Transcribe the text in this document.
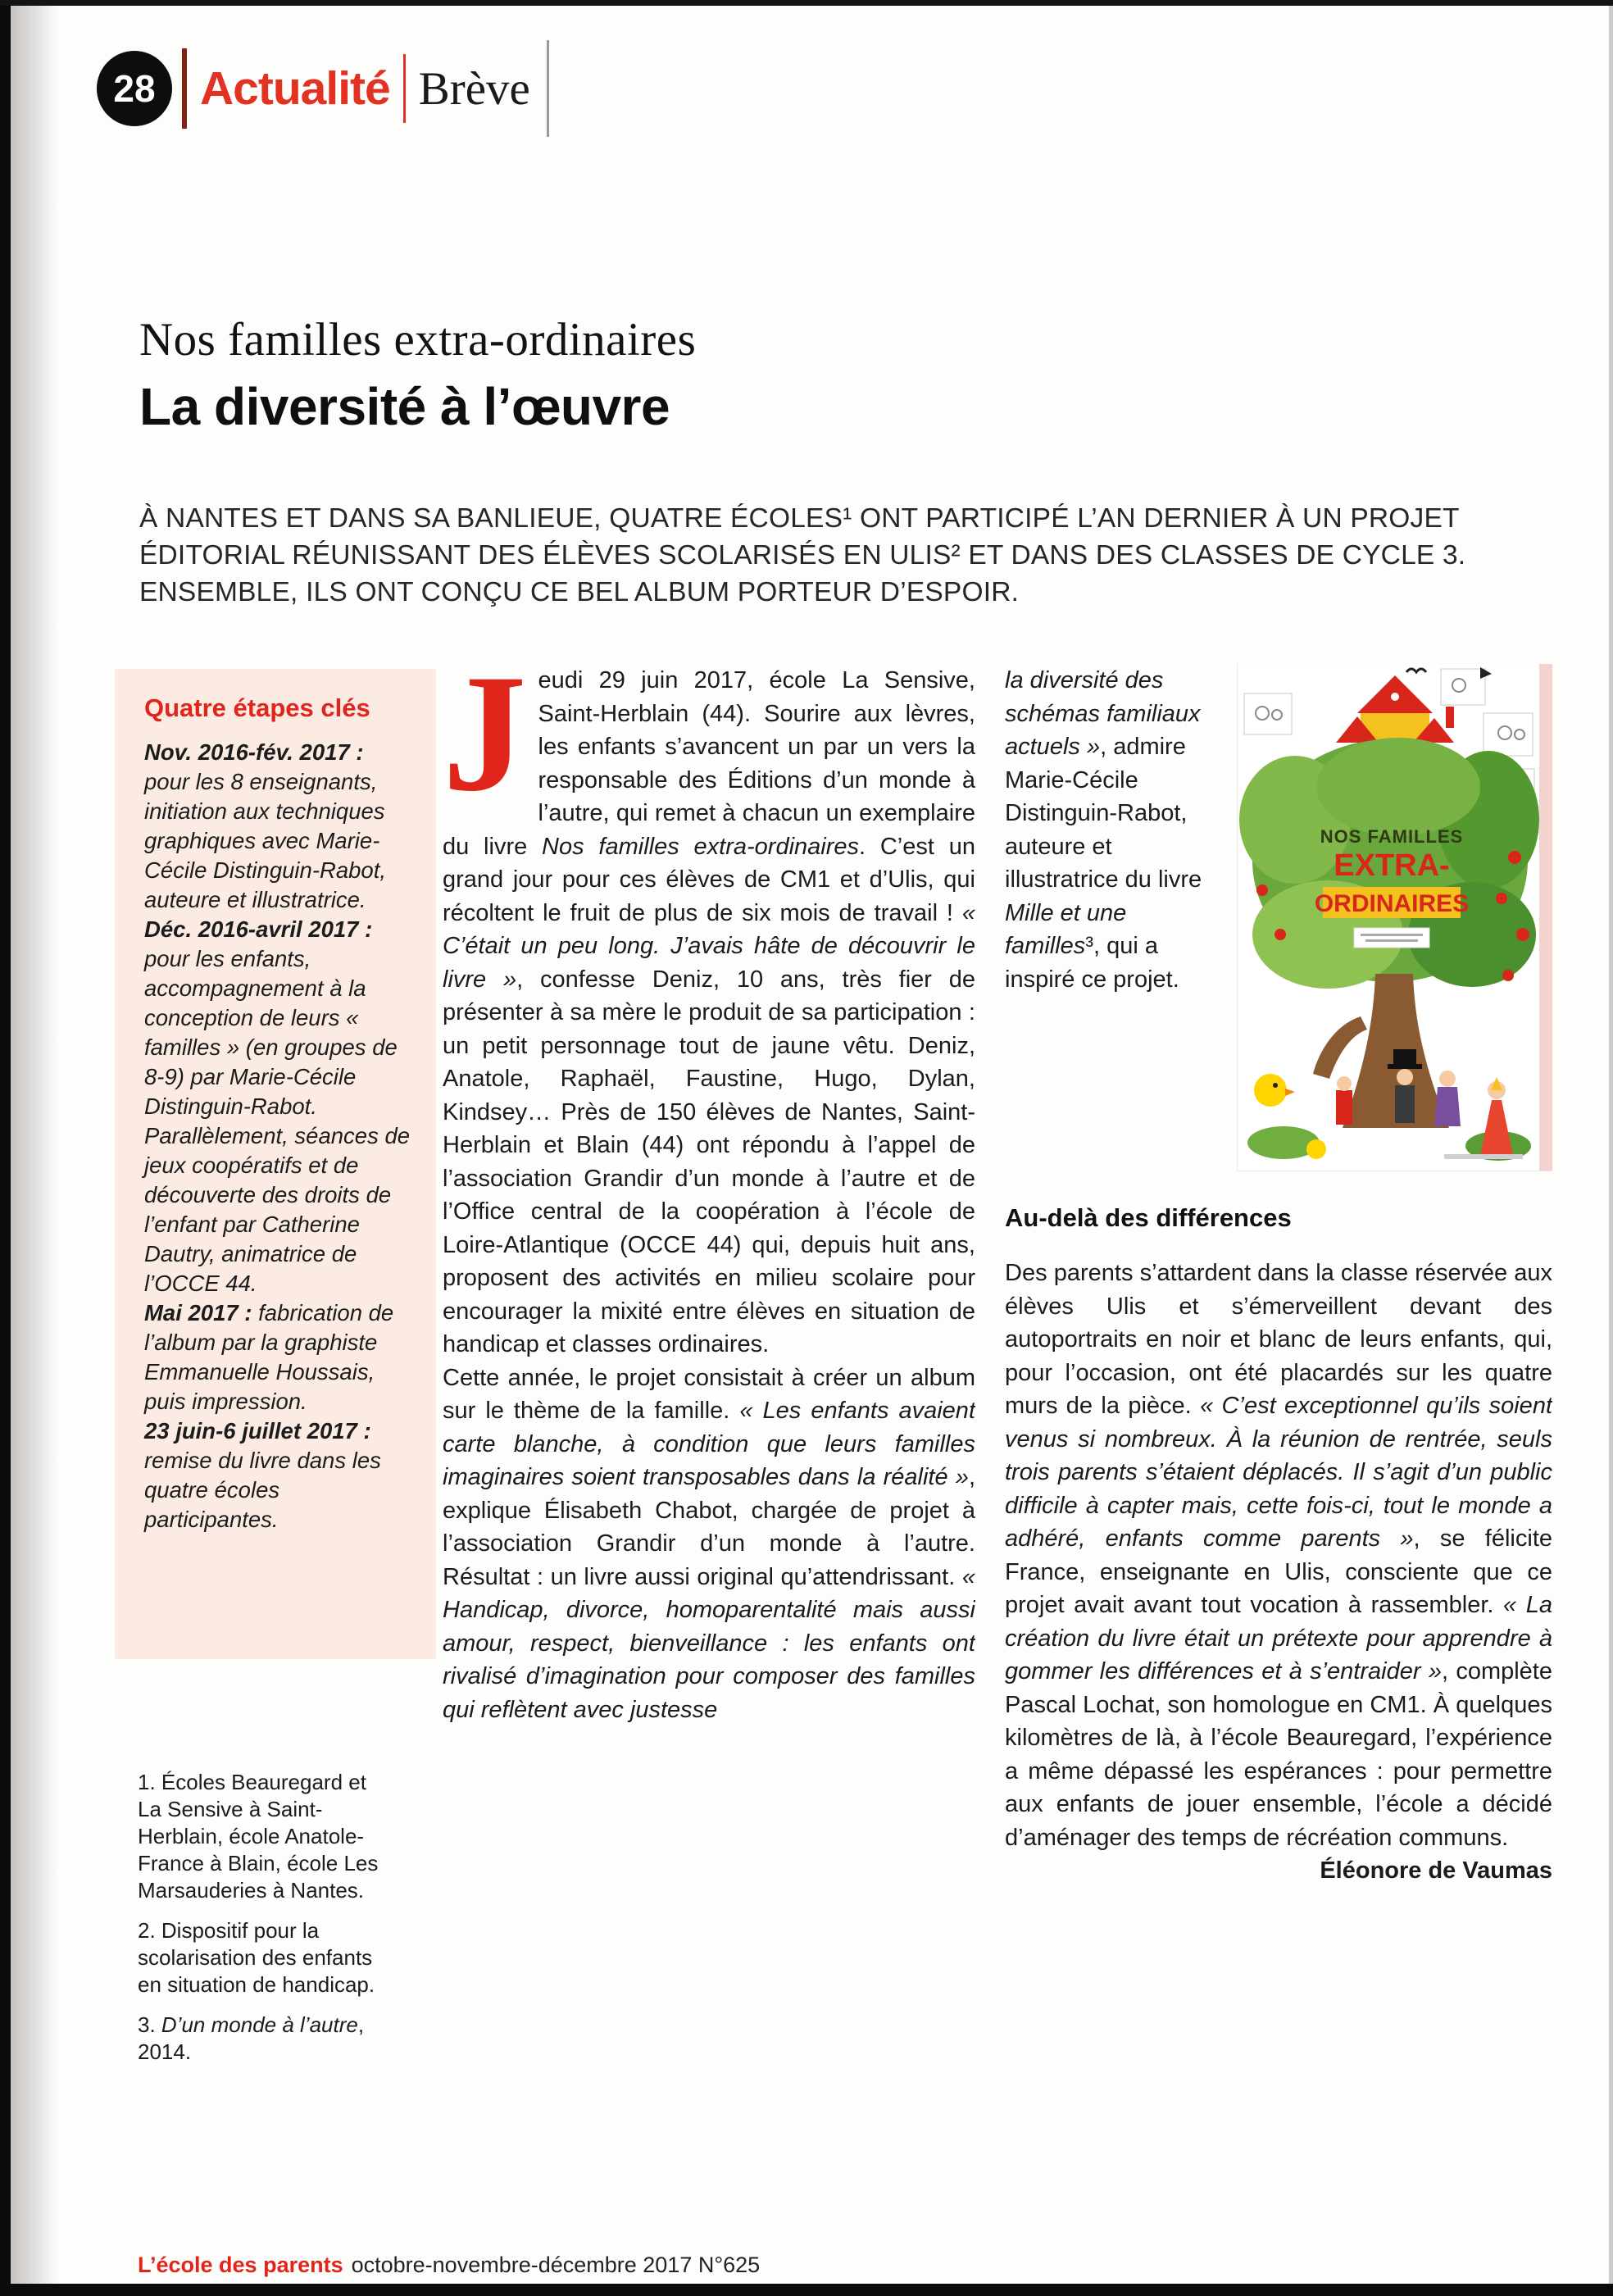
28 Actualité Brève
Nos familles extra-ordinaires
La diversité à l’œuvre
À NANTES ET DANS SA BANLIEUE, QUATRE ÉCOLES¹ ONT PARTICIPÉ L’AN DERNIER À UN PROJET ÉDITORIAL RÉUNISSANT DES ÉLÈVES SCOLARISÉS EN ULIS² ET DANS DES CLASSES DE CYCLE 3. ENSEMBLE, ILS ONT CONÇU CE BEL ALBUM PORTEUR D’ESPOIR.
Quatre étapes clés

Nov. 2016-fév. 2017 : pour les 8 enseignants, initiation aux techniques graphiques avec Marie-Cécile Distinguin-Rabot, auteure et illustratrice.

Déc. 2016-avril 2017 : pour les enfants, accompagnement à la conception de leurs « familles » (en groupes de 8-9) par Marie-Cécile Distinguin-Rabot. Parallèlement, séances de jeux coopératifs et de découverte des droits de l’enfant par Catherine Dautry, animatrice de l’OCCE 44.

Mai 2017 : fabrication de l’album par la graphiste Emmanuelle Houssais, puis impression.

23 juin-6 juillet 2017 : remise du livre dans les quatre écoles participantes.

1. Écoles Beauregard et La Sensive à Saint-Herblain, école Anatole-France à Blain, école Les Marsauderies à Nantes.

2. Dispositif pour la scolarisation des enfants en situation de handicap.

3. D’un monde à l’autre, 2014.

Jeudi 29 juin 2017, école La Sensive, Saint-Herblain (44). Sourire aux lèvres, les enfants s’avancent un par un vers la responsable des Éditions d’un monde à l’autre, qui remet à chacun un exemplaire du livre Nos familles extra-ordinaires. C’est un grand jour pour ces élèves de CM1 et d’Ulis, qui récoltent le fruit de plus de six mois de travail ! « C’était un peu long. J’avais hâte de découvrir le livre », confesse Deniz, 10 ans, très fier de présenter à sa mère le produit de sa participation : un petit personnage tout de jaune vêtu. Deniz, Anatole, Raphaël, Faustine, Hugo, Dylan, Kindsey… Près de 150 élèves de Nantes, Saint-Herblain et Blain (44) ont répondu à l’appel de l’association Grandir d’un monde à l’autre et de l’Office central de la coopération à l’école de Loire-Atlantique (OCCE 44) qui, depuis huit ans, proposent des activités en milieu scolaire pour encourager la mixité entre élèves en situation de handicap et classes ordinaires.

Cette année, le projet consistait à créer un album sur le thème de la famille. « Les enfants avaient carte blanche, à condition que leurs familles imaginaires soient transposables dans la réalité », explique Élisabeth Chabot, chargée de projet à l’association Grandir d’un monde à l’autre. Résultat : un livre aussi original qu’attendrissant. « Handicap, divorce, homoparentalité mais aussi amour, respect, bienveillance : les enfants ont rivalisé d’imagination pour composer des familles qui reflètent avec justesse

la diversité des schémas familiaux actuels », admire Marie-Cécile Distinguin-Rabot, auteure et illustratrice du livre Mille et une familles³, qui a inspiré ce projet.
NOS FAMILLES
EXTRA-
ORDINAIRES
Au-delà des différences

Des parents s’attardent dans la classe réservée aux élèves Ulis et s’émerveillent devant des autoportraits en noir et blanc de leurs enfants, qui, pour l’occasion, ont été placardés sur les quatre murs de la pièce. « C’est exceptionnel qu’ils soient venus si nombreux. À la réunion de rentrée, seuls trois parents s’étaient déplacés. Il s’agit d’un public difficile à capter mais, cette fois-ci, tout le monde a adhéré, enfants comme parents », se félicite France, enseignante en Ulis, consciente que ce projet avait avant tout vocation à rassembler. « La création du livre était un prétexte pour apprendre à gommer les différences et à s’entraider », complète Pascal Lochat, son homologue en CM1. À quelques kilomètres de là, à l’école Beauregard, l’expérience a même dépassé les espérances : pour permettre aux enfants de jouer ensemble, l’école a décidé d’aménager des temps de récréation communs.
Éléonore de Vaumas

L’école des parents octobre-novembre-décembre 2017 N°625
